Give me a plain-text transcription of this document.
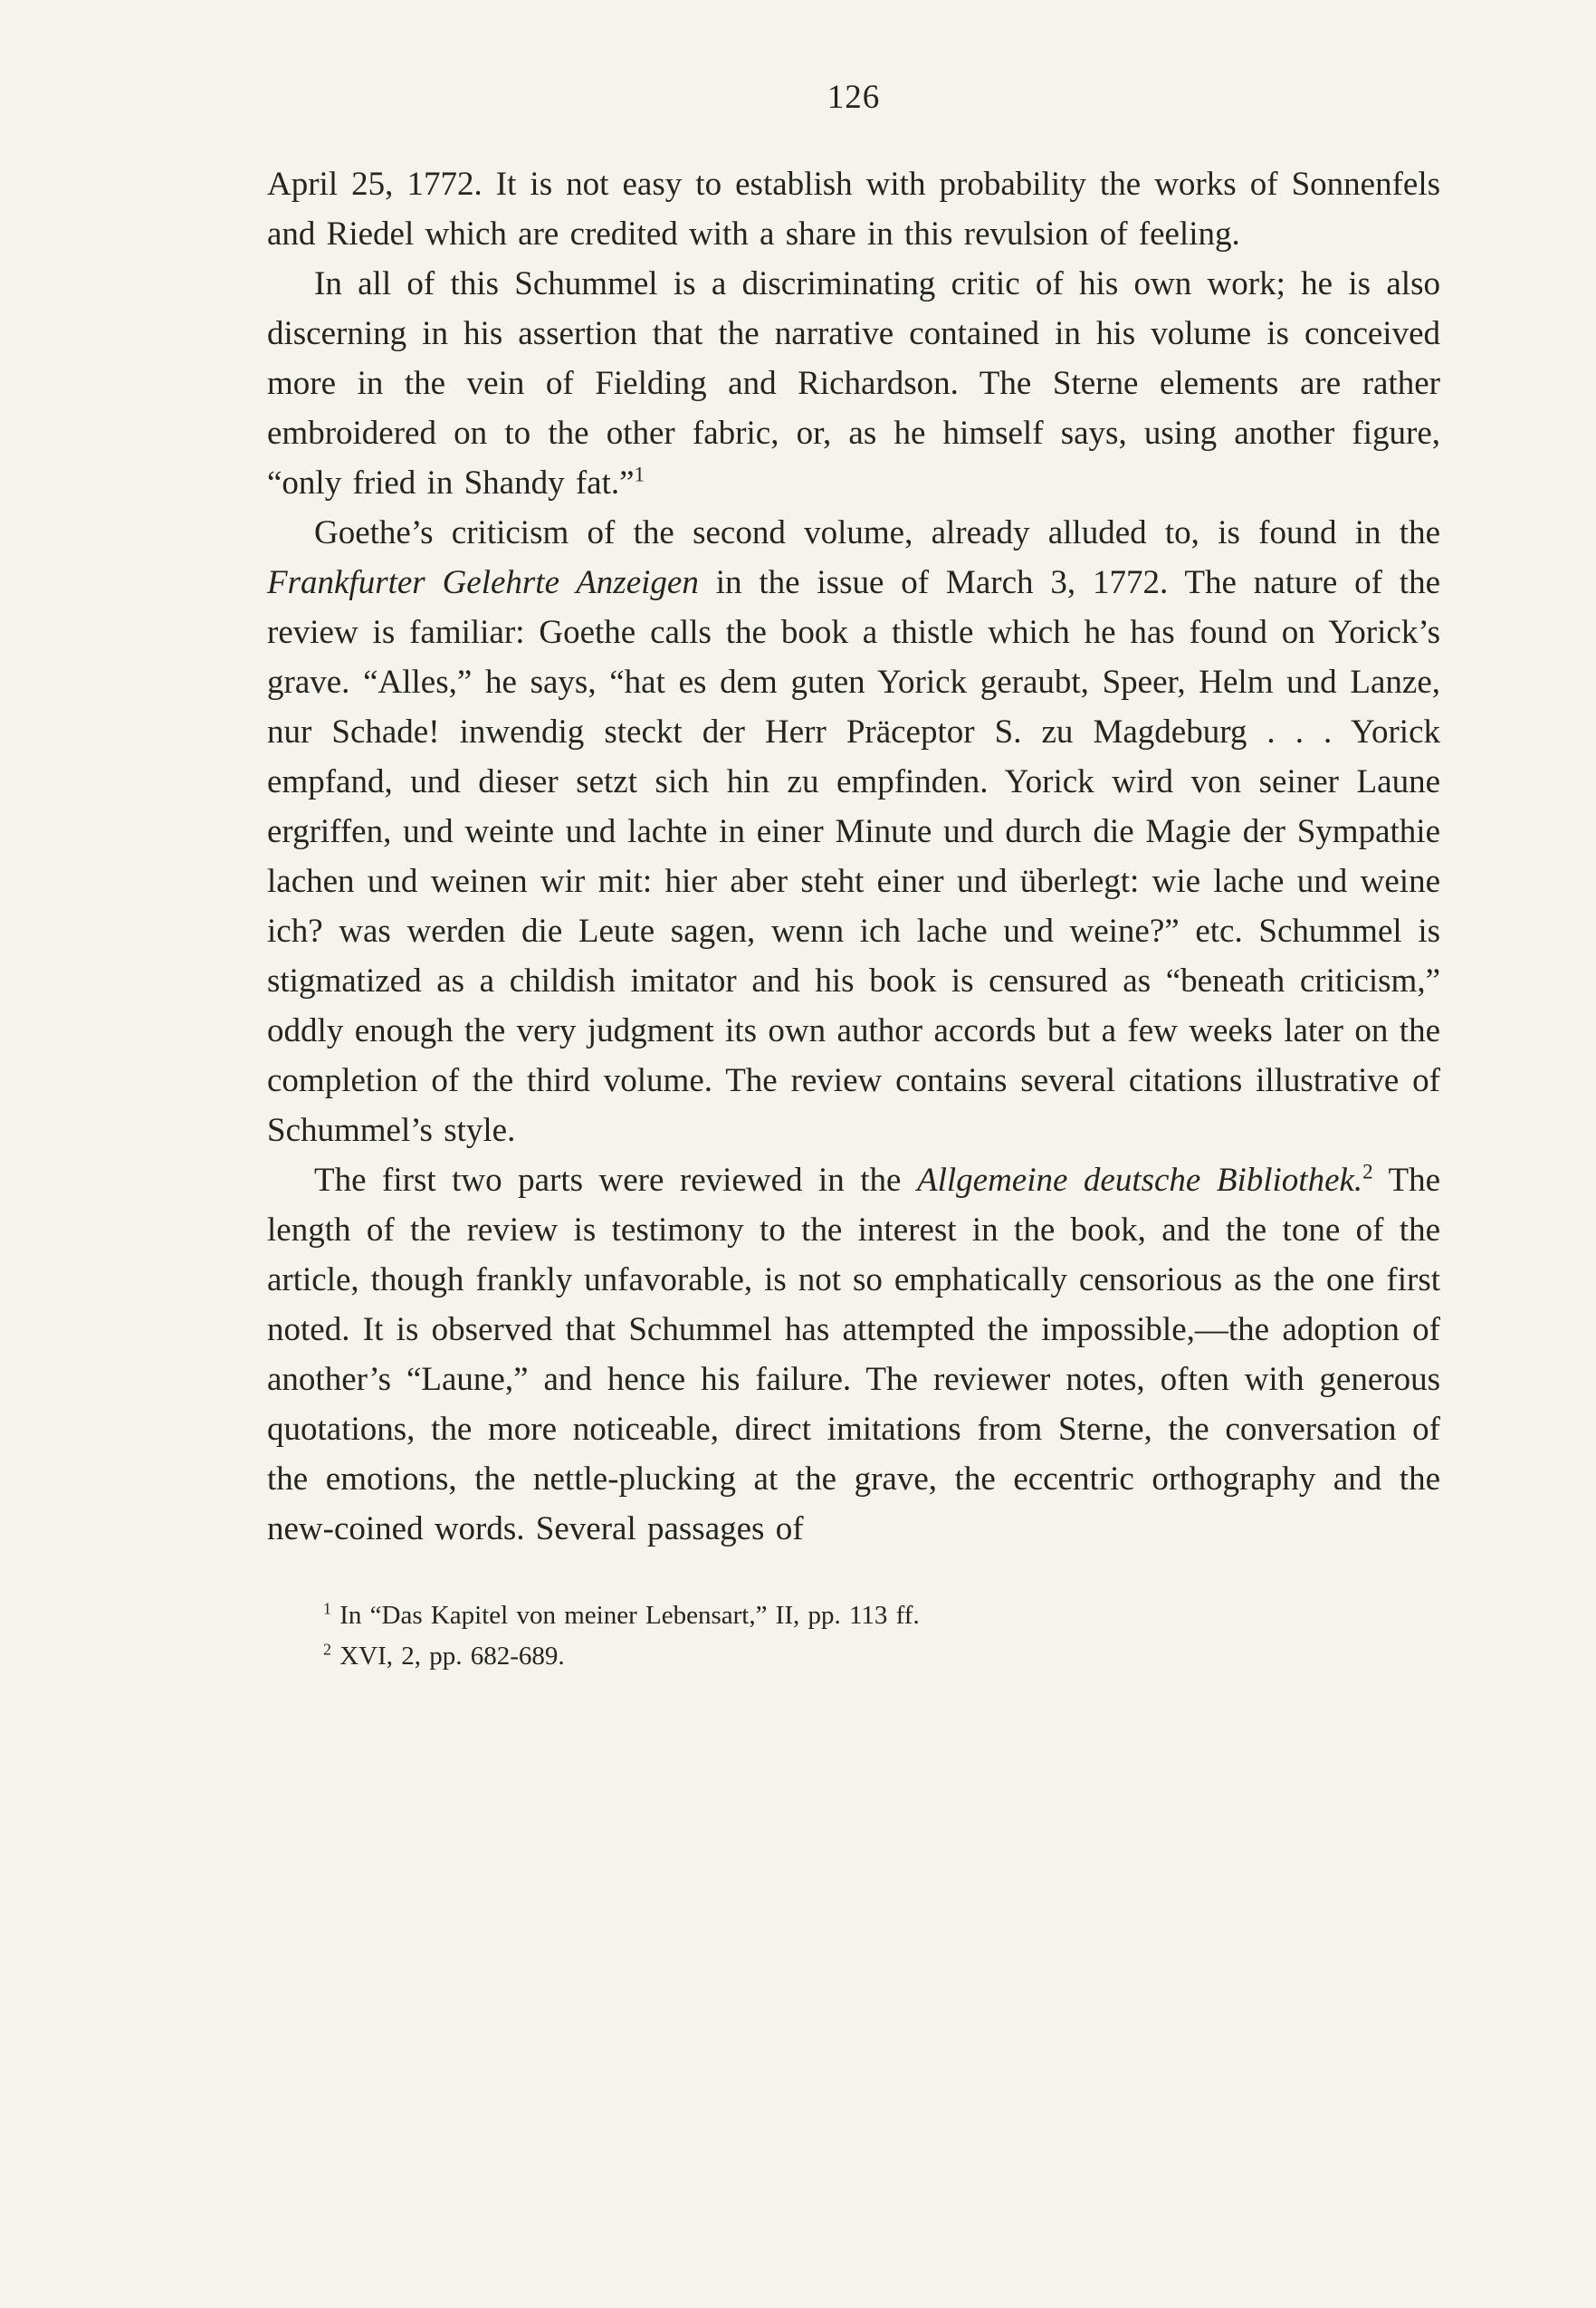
126

April 25, 1772. It is not easy to establish with probability the works of Sonnenfels and Riedel which are credited with a share in this revulsion of feeling.

In all of this Schummel is a discriminating critic of his own work; he is also discerning in his assertion that the narrative contained in his volume is conceived more in the vein of Fielding and Richardson. The Sterne elements are rather embroidered on to the other fabric, or, as he himself says, using another figure, “only fried in Shandy fat.”$^1$

Goethe’s criticism of the second volume, already alluded to, is found in the Frankfurter Gelehrte Anzeigen in the issue of March 3, 1772. The nature of the review is familiar: Goethe calls the book a thistle which he has found on Yorick’s grave. “Alles,” he says, “hat es dem guten Yorick geraubt, Speer, Helm und Lanze, nur Schade! inwendig steckt der Herr Präceptor S. zu Magdeburg . . . Yorick empfand, und dieser setzt sich hin zu empfinden. Yorick wird von seiner Laune ergriffen, und weinte und lachte in einer Minute und durch die Magie der Sympathie lachen und weinen wir mit: hier aber steht einer und überlegt: wie lache und weine ich? was werden die Leute sagen, wenn ich lache und weine?” etc. Schummel is stigmatized as a childish imitator and his book is censured as “beneath criticism,” oddly enough the very judgment its own author accords but a few weeks later on the completion of the third volume. The review contains several citations illustrative of Schummel’s style.

The first two parts were reviewed in the Allgemeine deutsche Bibliothek.$^2$ The length of the review is testimony to the interest in the book, and the tone of the article, though frankly unfavorable, is not so emphatically censorious as the one first noted. It is observed that Schummel has attempted the impossible,—the adoption of another’s “Laune,” and hence his failure. The reviewer notes, often with generous quotations, the more noticeable, direct imitations from Sterne, the conversation of the emotions, the nettle-plucking at the grave, the eccentric orthography and the new-coined words. Several passages of

$^1$ In “Das Kapitel von meiner Lebensart,” II, pp. 113 ff.

$^2$ XVI, 2, pp. 682-689.
